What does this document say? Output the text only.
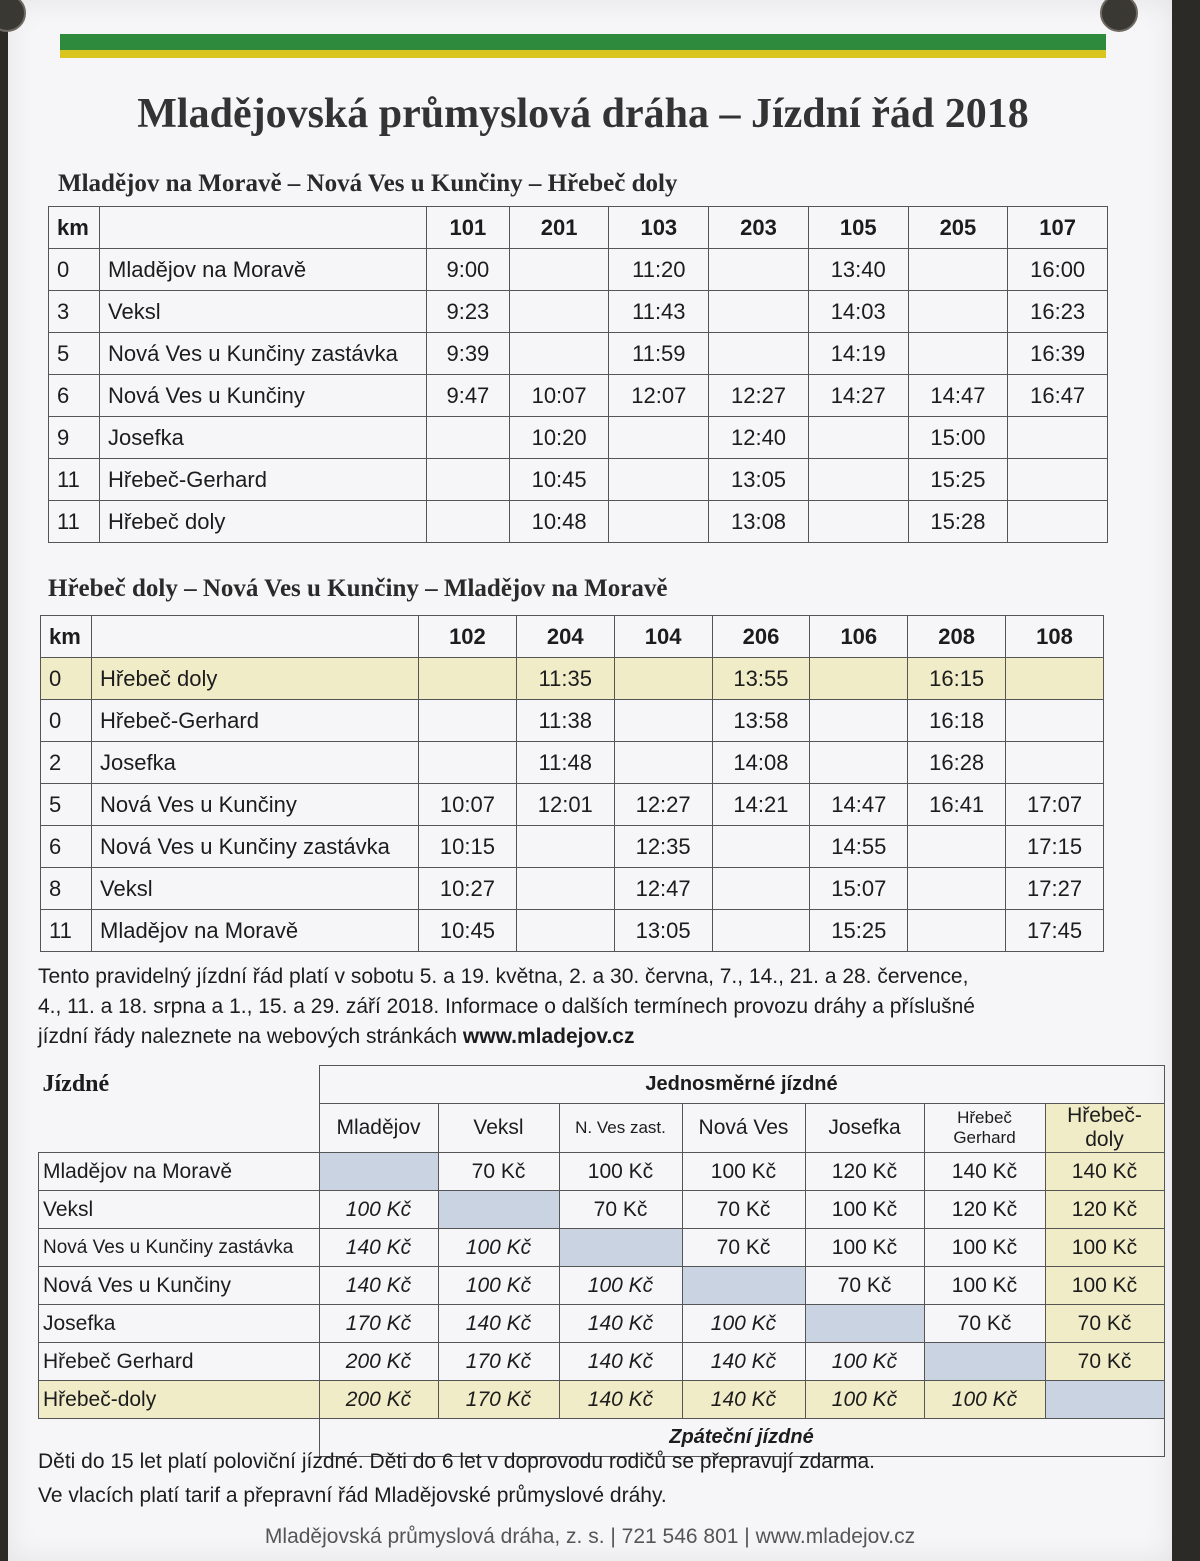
Mladějovská průmyslová dráha – Jízdní řád 2018
Mladějov na Moravě – Nová Ves u Kunčiny – Hřebeč doly
km		101	201	103	203	105	205	107
0	Mladějov na Moravě	9:00		11:20		13:40		16:00
3	Veksl	9:23		11:43		14:03		16:23
5	Nová Ves u Kunčiny zastávka	9:39		11:59		14:19		16:39
6	Nová Ves u Kunčiny	9:47	10:07	12:07	12:27	14:27	14:47	16:47
9	Josefka		10:20		12:40		15:00	
11	Hřebeč-Gerhard		10:45		13:05		15:25	
11	Hřebeč doly		10:48		13:08		15:28	
Hřebeč doly – Nová Ves u Kunčiny – Mladějov na Moravě
km		102	204	104	206	106	208	108
0	Hřebeč doly		11:35		13:55		16:15	
0	Hřebeč-Gerhard		11:38		13:58		16:18	
2	Josefka		11:48		14:08		16:28	
5	Nová Ves u Kunčiny	10:07	12:01	12:27	14:21	14:47	16:41	17:07
6	Nová Ves u Kunčiny zastávka	10:15		12:35		14:55		17:15
8	Veksl	10:27		12:47		15:07		17:27
11	Mladějov na Moravě	10:45		13:05		15:25		17:45
Tento pravidelný jízdní řád platí v sobotu 5. a 19. května, 2. a 30. června, 7., 14., 21. a 28. července,
4., 11. a 18. srpna a 1., 15. a 29. září 2018. Informace o dalších termínech provozu dráhy a příslušné
jízdní řády naleznete na webových stránkách www.mladejov.cz
Jízdné	Jednosměrné jízdné						
	Mladějov	Veksl	N. Ves zast.	Nová Ves	Josefka	Hřebeč Gerhard	Hřebeč-doly
Mladějov na Moravě		70 Kč	100 Kč	100 Kč	120 Kč	140 Kč	140 Kč
Veksl	100 Kč		70 Kč	70 Kč	100 Kč	120 Kč	120 Kč
Nová Ves u Kunčiny zastávka	140 Kč	100 Kč		70 Kč	100 Kč	100 Kč	100 Kč
Nová Ves u Kunčiny	140 Kč	100 Kč	100 Kč		70 Kč	100 Kč	100 Kč
Josefka	170 Kč	140 Kč	140 Kč	100 Kč		70 Kč	70 Kč
Hřebeč Gerhard	200 Kč	170 Kč	140 Kč	140 Kč	100 Kč		70 Kč
Hřebeč-doly	200 Kč	170 Kč	140 Kč	140 Kč	100 Kč	100 Kč	
	Zpáteční jízdné						
Děti do 15 let platí poloviční jízdné. Děti do 6 let v doprovodu rodičů se přepravují zdarma.
Ve vlacích platí tarif a přepravní řád Mladějovské průmyslové dráhy.
Mladějovská průmyslová dráha, z. s. | 721 546 801 | www.mladejov.cz
